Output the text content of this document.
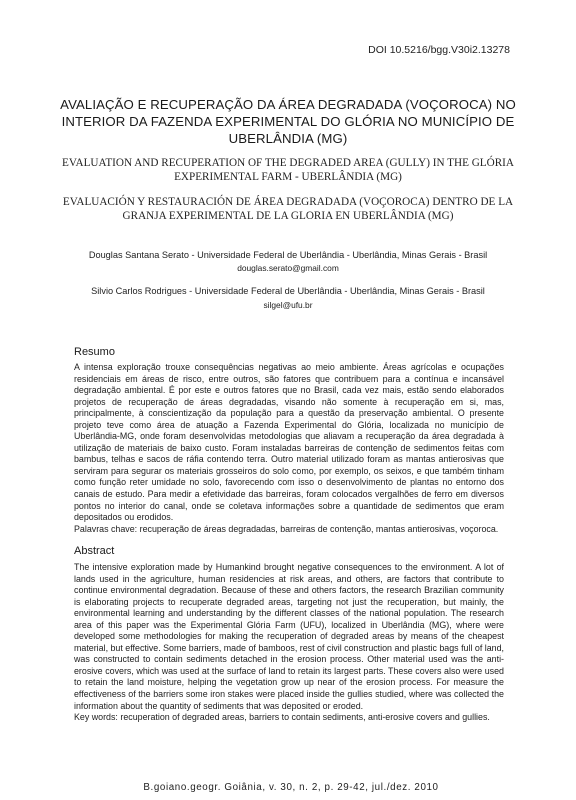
DOI 10.5216/bgg.V30i2.13278
AVALIAÇÃO E RECUPERAÇÃO DA ÁREA DEGRADADA (VOÇOROCA) NO INTERIOR DA FAZENDA EXPERIMENTAL DO GLÓRIA NO MUNICÍPIO DE UBERLÂNDIA (MG)
EVALUATION AND RECUPERATION OF THE DEGRADED AREA (GULLY) IN THE GLÓRIA EXPERIMENTAL FARM - UBERLÂNDIA (MG)
EVALUACIÓN Y RESTAURACIÓN DE ÁREA DEGRADADA (VOÇOROCA) DENTRO DE LA GRANJA EXPERIMENTAL DE LA GLORIA EN UBERLÂNDIA (MG)
Douglas Santana Serato - Universidade Federal de Uberlândia - Uberlândia, Minas Gerais - Brasil
douglas.serato@gmail.com
Silvio Carlos Rodrigues - Universidade Federal de Uberlândia - Uberlândia, Minas Gerais - Brasil
silgel@ufu.br
Resumo
A intensa exploração trouxe consequências negativas ao meio ambiente. Áreas agrícolas e ocupações residenciais em áreas de risco, entre outros, são fatores que contribuem para a contínua e incansável degradação ambiental. É por este e outros fatores que no Brasil, cada vez mais, estão sendo elaborados projetos de recuperação de áreas degradadas, visando não somente à recuperação em si, mas, principalmente, à conscientização da população para a questão da preservação ambiental. O presente projeto teve como área de atuação a Fazenda Experimental do Glória, localizada no município de Uberlândia-MG, onde foram desenvolvidas metodologias que aliavam a recuperação da área degradada à utilização de materiais de baixo custo. Foram instaladas barreiras de contenção de sedimentos feitas com bambus, telhas e sacos de ráfia contendo terra. Outro material utilizado foram as mantas antierosivas que serviram para segurar os materiais grosseiros do solo como, por exemplo, os seixos, e que também tinham como função reter umidade no solo, favorecendo com isso o desenvolvimento de plantas no entorno dos canais de estudo. Para medir a efetividade das barreiras, foram colocados vergalhões de ferro em diversos pontos no interior do canal, onde se coletava informações sobre a quantidade de sedimentos que eram depositados ou erodidos.
Palavras chave: recuperação de áreas degradadas, barreiras de contenção, mantas antierosivas, voçoroca.
Abstract
The intensive exploration made by Humankind brought negative consequences to the environment. A lot of lands used in the agriculture, human residencies at risk areas, and others, are factors that contribute to continue environmental degradation. Because of these and others factors, the research Brazilian community is elaborating projects to recuperate degraded areas, targeting not just the recuperation, but mainly, the environmental learning and understanding by the different classes of the national population. The research area of this paper was the Experimental Glória Farm (UFU), localized in Uberlândia (MG), where were developed some methodologies for making the recuperation of degraded areas by means of the cheapest material, but effective. Some barriers, made of bamboos, rest of civil construction and plastic bags full of land, was constructed to contain sediments detached in the erosion process. Other material used was the anti-erosive covers, which was used at the surface of land to retain its largest parts. These covers also were used to retain the land moisture, helping the vegetation grow up near of the erosion process. For measure the effectiveness of the barriers some iron stakes were placed inside the gullies studied, where was collected the information about the quantity of sediments that was deposited or eroded.
Key words: recuperation of degraded areas, barriers to contain sediments, anti-erosive covers and gullies.
B.goiano.geogr. Goiânia, v. 30, n. 2, p. 29-42, jul./dez. 2010
